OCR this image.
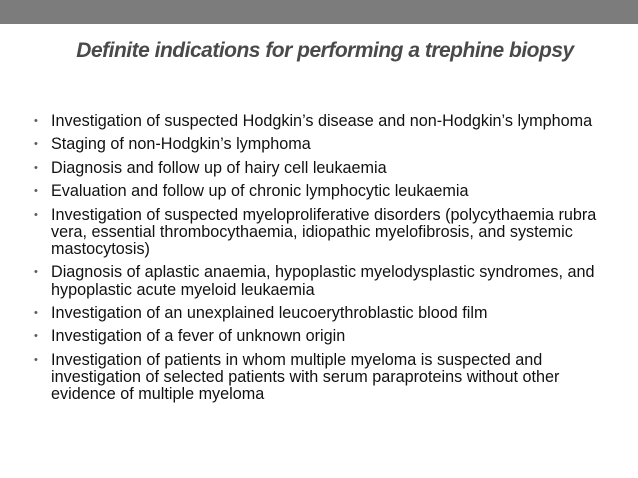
Definite indications for performing a trephine biopsy
• Investigation of suspected Hodgkin’s disease and non-Hodgkin’s lymphoma
• Staging of non-Hodgkin’s lymphoma
• Diagnosis and follow up of hairy cell leukaemia
• Evaluation and follow up of chronic lymphocytic leukaemia
• Investigation of suspected myeloproliferative disorders (polycythaemia rubra vera, essential thrombocythaemia, idiopathic myelofibrosis, and systemic mastocytosis)
• Diagnosis of aplastic anaemia, hypoplastic myelodysplastic syndromes, and hypoplastic acute myeloid leukaemia
• Investigation of an unexplained leucoerythroblastic blood film
• Investigation of a fever of unknown origin
• Investigation of patients in whom multiple myeloma is suspected and investigation of selected patients with serum paraproteins without other evidence of multiple myeloma
